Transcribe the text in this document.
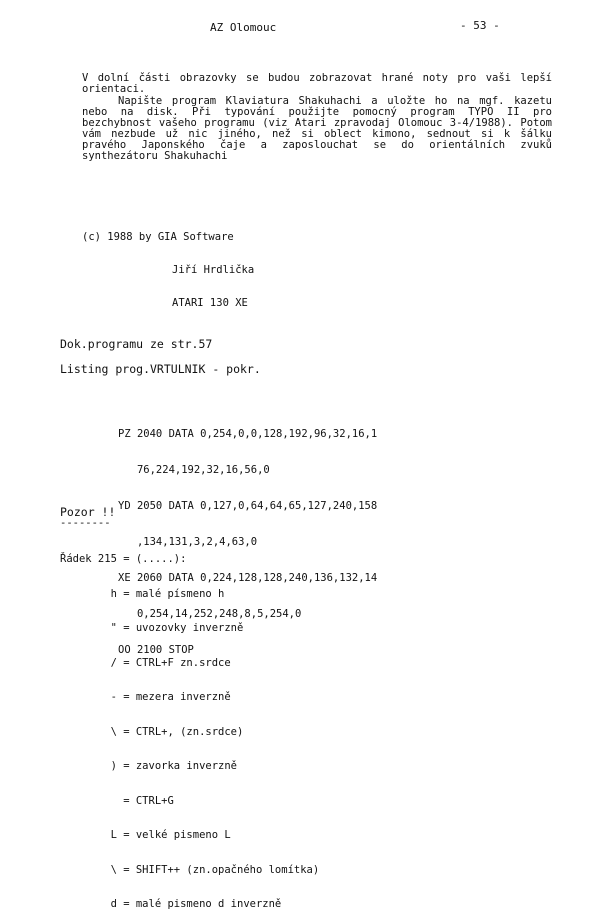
AZ Olomouc	- 53 -
V dolní části obrazovky se budou zobrazovat hrané noty pro vaši lepší orientaci.
Napište program Klaviatura Shakuhachi a uložte ho na mgf. kazetu nebo na disk. Při typování použijte pomocný program TYPO II pro bezchybnost vašeho programu (viz Atari zpravodaj Olomouc 3-4/1988). Potom vám nezbude už nic jiného, než si oblect kimono, sednout si k šálku pravého Japonského čaje a zaposlouchat se do orientálních zvuků synthezátoru Shakuhachi

(c) 1988 by GIA Software

Jiří Hrdlička

ATARI 130 XE

Dok.programu ze str.57
Listing prog.VRTULNIK - pokr.

PZ 2040 DATA 0,254,0,0,128,192,96,32,16,1

76,224,192,32,16,56,0

YD 2050 DATA 0,127,0,64,64,65,127,240,158

,134,131,3,2,4,63,0

XE 2060 DATA 0,224,128,128,240,136,132,14

0,254,14,252,248,8,5,254,0

OO 2100 STOP

Pozor !!
--------

Řádek 215 = (.....):

h = malé písmeno h

" = uvozovky inverzně

/ = CTRL+F zn.srdce

- = mezera inverzně

\ = CTRL+, (zn.srdce)

) = zavorka inverzně

= CTRL+G

L = velké pismeno L

\ = SHIFT++ (zn.opačného lomítka)

d = malé pismeno d inverzně
